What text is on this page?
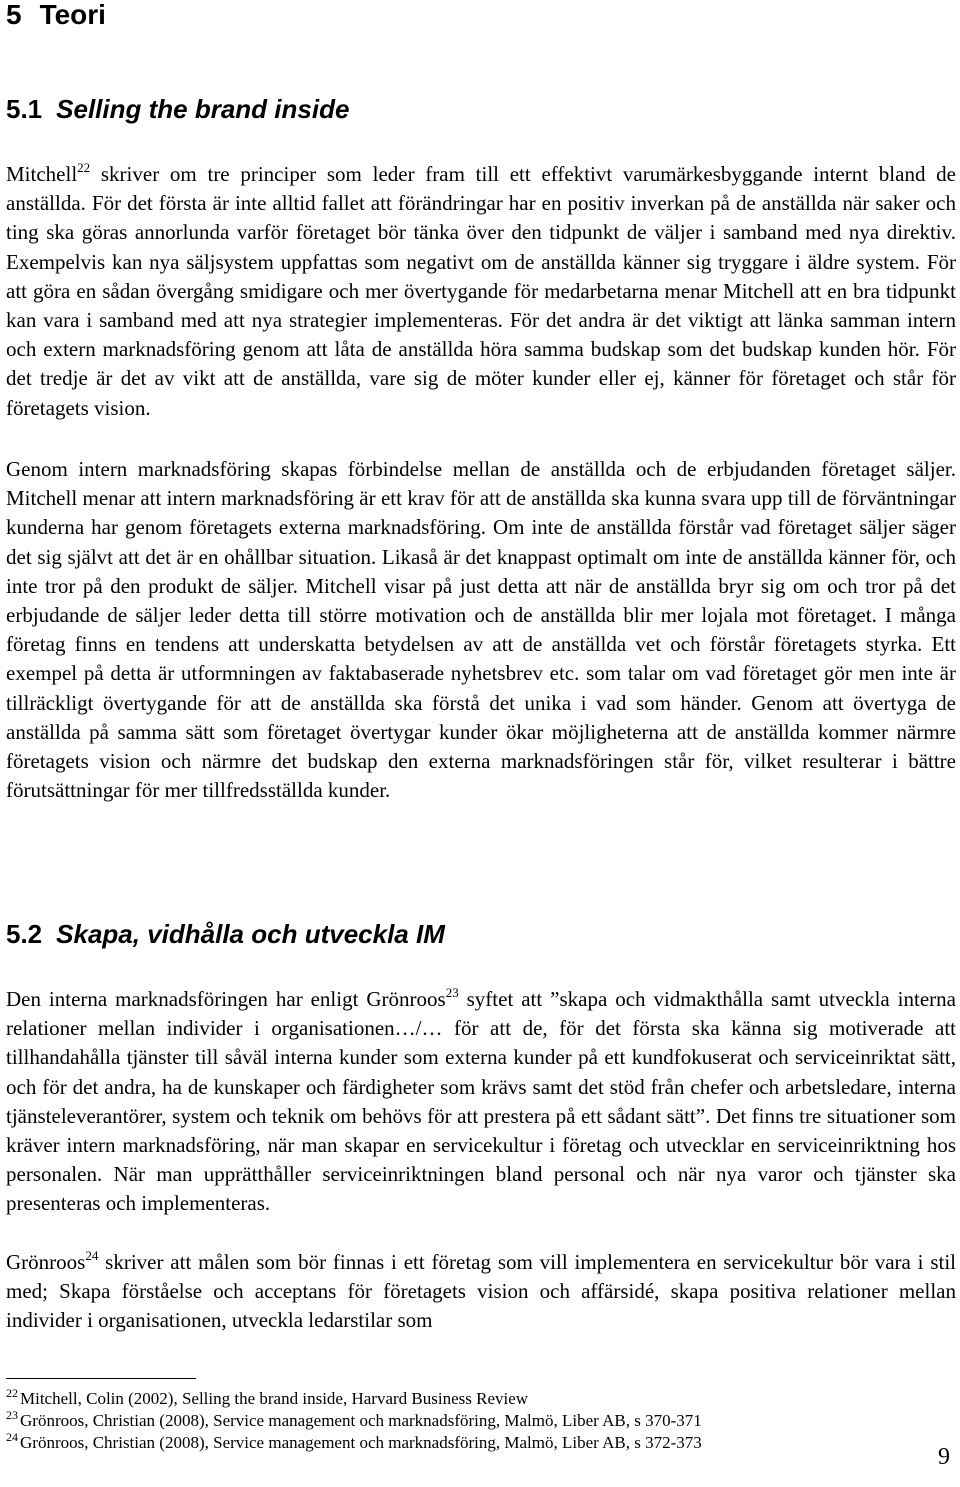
5 Teori
5.1 Selling the brand inside

Mitchell$^{22}$ skriver om tre principer som leder fram till ett effektivt varumärkesbyggande internt bland de anställda. För det första är inte alltid fallet att förändringar har en positiv inverkan på de anställda när saker och ting ska göras annorlunda varför företaget bör tänka över den tidpunkt de väljer i samband med nya direktiv. Exempelvis kan nya säljsystem uppfattas som negativt om de anställda känner sig tryggare i äldre system. För att göra en sådan övergång smidigare och mer övertygande för medarbetarna menar Mitchell att en bra tidpunkt kan vara i samband med att nya strategier implementeras. För det andra är det viktigt att länka samman intern och extern marknadsföring genom att låta de anställda höra samma budskap som det budskap kunden hör. För det tredje är det av vikt att de anställda, vare sig de möter kunder eller ej, känner för företaget och står för företagets vision.

Genom intern marknadsföring skapas förbindelse mellan de anställda och de erbjudanden företaget säljer. Mitchell menar att intern marknadsföring är ett krav för att de anställda ska kunna svara upp till de förväntningar kunderna har genom företagets externa marknadsföring. Om inte de anställda förstår vad företaget säljer säger det sig självt att det är en ohållbar situation. Likaså är det knappast optimalt om inte de anställda känner för, och inte tror på den produkt de säljer. Mitchell visar på just detta att när de anställda bryr sig om och tror på det erbjudande de säljer leder detta till större motivation och de anställda blir mer lojala mot företaget. I många företag finns en tendens att underskatta betydelsen av att de anställda vet och förstår företagets styrka. Ett exempel på detta är utformningen av faktabaserade nyhetsbrev etc. som talar om vad företaget gör men inte är tillräckligt övertygande för att de anställda ska förstå det unika i vad som händer. Genom att övertyga de anställda på samma sätt som företaget övertygar kunder ökar möjligheterna att de anställda kommer närmre företagets vision och närmre det budskap den externa marknadsföringen står för, vilket resulterar i bättre förutsättningar för mer tillfredsställda kunder.

5.2 Skapa, vidhålla och utveckla IM

Den interna marknadsföringen har enligt Grönroos$^{23}$ syftet att ”skapa och vidmakthålla samt utveckla interna relationer mellan individer i organisationen…/… för att de, för det första ska känna sig motiverade att tillhandahålla tjänster till såväl interna kunder som externa kunder på ett kundfokuserat och serviceinriktat sätt, och för det andra, ha de kunskaper och färdigheter som krävs samt det stöd från chefer och arbetsledare, interna tjänsteleverantörer, system och teknik om behövs för att prestera på ett sådant sätt”. Det finns tre situationer som kräver intern marknadsföring, när man skapar en servicekultur i företag och utvecklar en serviceinriktning hos personalen. När man upprätthåller serviceinriktningen bland personal och när nya varor och tjänster ska presenteras och implementeras.

Grönroos$^{24}$ skriver att målen som bör finnas i ett företag som vill implementera en servicekultur bör vara i stil med; Skapa förståelse och acceptans för företagets vision och affärsidé, skapa positiva relationer mellan individer i organisationen, utveckla ledarstilar som

$^{22}$ Mitchell, Colin (2002), Selling the brand inside, Harvard Business Review
$^{23}$ Grönroos, Christian (2008), Service management och marknadsföring, Malmö, Liber AB, s 370-371
$^{24}$ Grönroos, Christian (2008), Service management och marknadsföring, Malmö, Liber AB, s 372-373
9
